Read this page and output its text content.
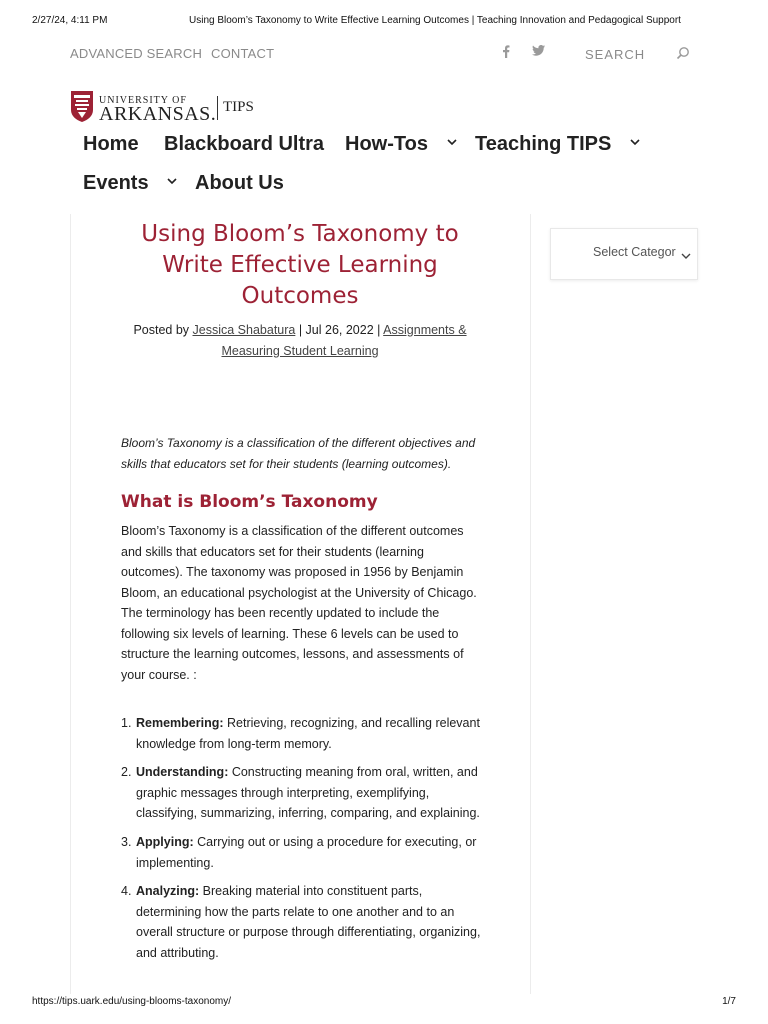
2/27/24, 4:11 PM	Using Bloom’s Taxonomy to Write Effective Learning Outcomes | Teaching Innovation and Pedagogical Support
ADVANCED SEARCH CONTACT
SEARCH
UNIVERSITY OF
ARKANSAS. TIPS
Home Blackboard Ultra How-Tos	Teaching TIPS
Events	About Us
Using Bloom’s Taxonomy to Write Effective Learning Outcomes
Posted by Jessica Shabatura | Jul 26, 2022 | Assignments & Measuring Student Learning

Bloom’s Taxonomy is a classification of the different objectives and skills that educators set for their students (learning outcomes).

What is Bloom’s Taxonomy

Bloom’s Taxonomy is a classification of the different outcomes and skills that educators set for their students (learning outcomes). The taxonomy was proposed in 1956 by Benjamin Bloom, an educational psychologist at the University of Chicago. The terminology has been recently updated to include the following six levels of learning. These 6 levels can be used to structure the learning outcomes, lessons, and assessments of your course. :

1. Remembering: Retrieving, recognizing, and recalling relevant knowledge from long-term memory.
2. Understanding: Constructing meaning from oral, written, and graphic messages through interpreting, exemplifying, classifying, summarizing, inferring, comparing, and explaining.
3. Applying: Carrying out or using a procedure for executing, or implementing.
4. Analyzing: Breaking material into constituent parts, determining how the parts relate to one another and to an overall structure or purpose through differentiating, organizing, and attributing.
Select Categor
https://tips.uark.edu/using-blooms-taxonomy/	1/7
